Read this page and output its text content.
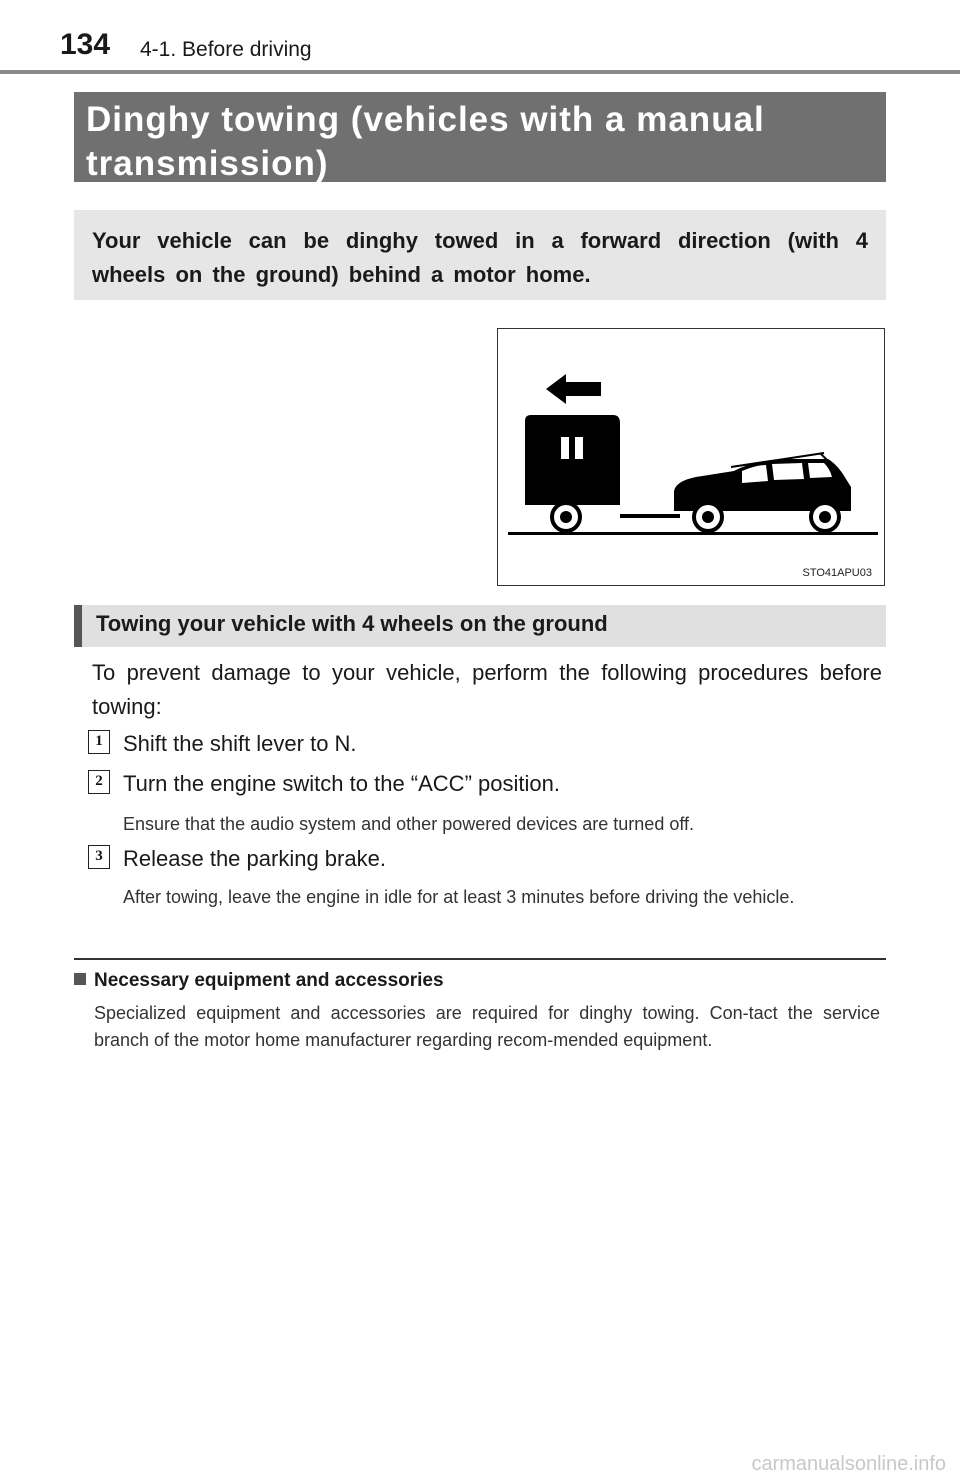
134 4-1. Before driving
Dinghy towing (vehicles with a manual
transmission)
Your vehicle can be dinghy towed in a forward direction (with 4 wheels on the ground) behind a motor home.
STO41APU03
Towing your vehicle with 4 wheels on the ground
To prevent damage to your vehicle, perform the following procedures before towing:
1 Shift the shift lever to N.
2 Turn the engine switch to the “ACC” position.
Ensure that the audio system and other powered devices are turned off.
3 Release the parking brake.
After towing, leave the engine in idle for at least 3 minutes before driving the vehicle.
Necessary equipment and accessories
Specialized equipment and accessories are required for dinghy towing. Con-tact the service branch of the motor home manufacturer regarding recom-mended equipment.
carmanualsonline.info
